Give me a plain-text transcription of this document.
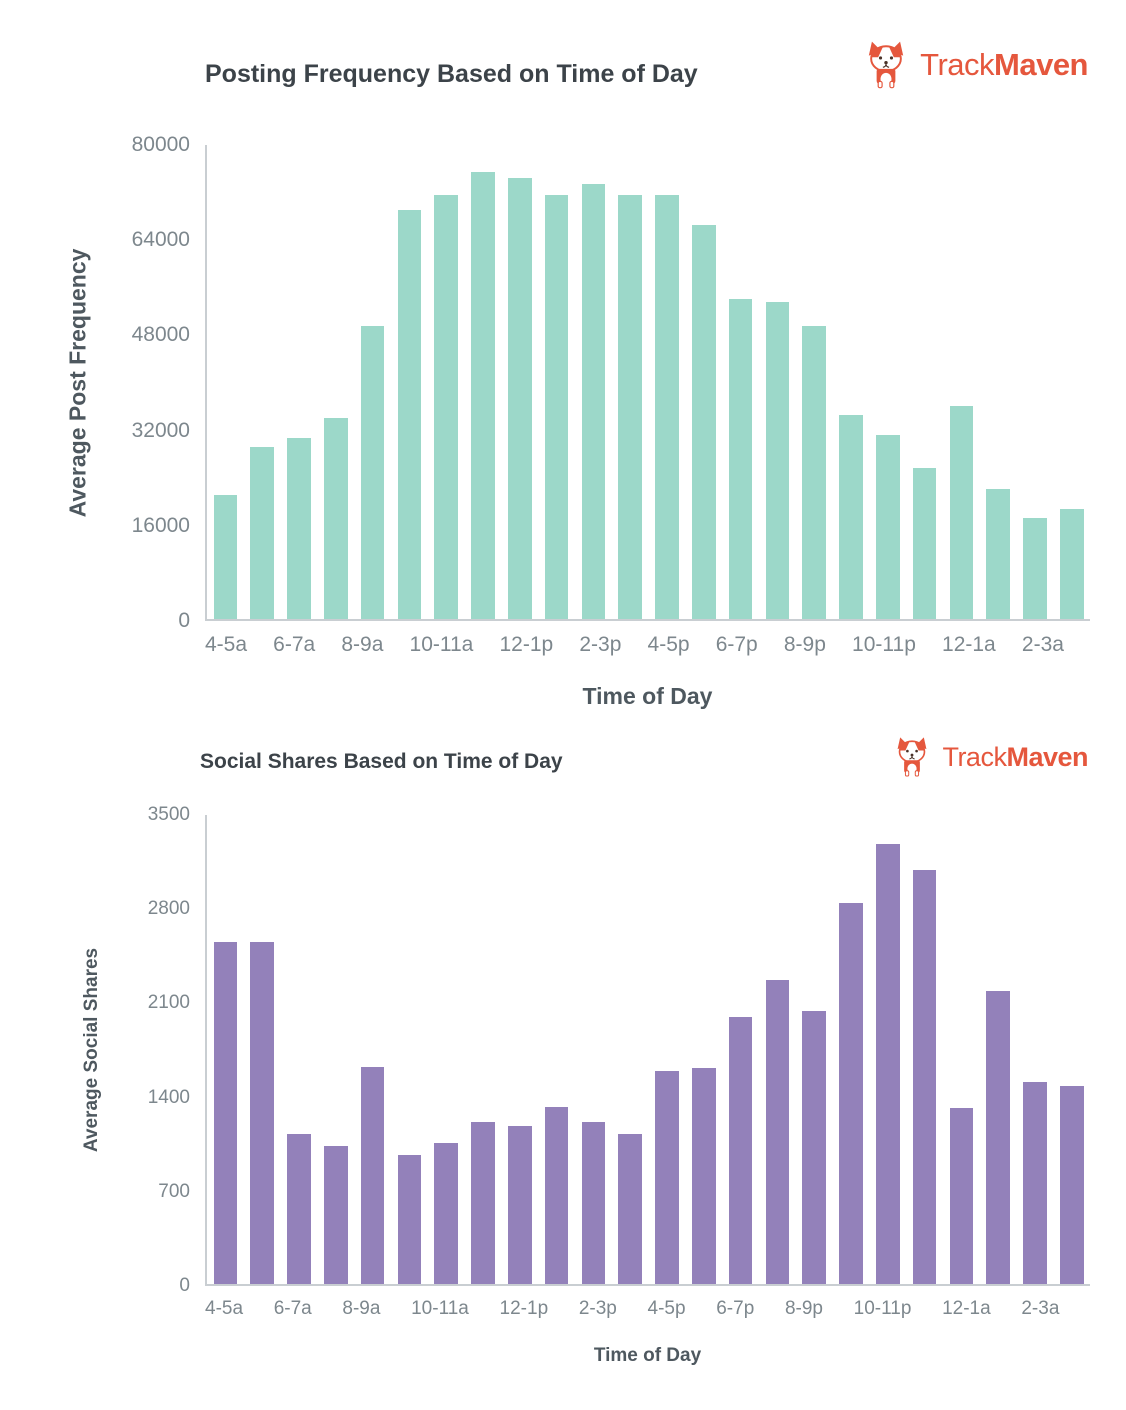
Posting Frequency Based on Time of Day	TrackMaven
Average Post Frequency
0
16000
32000
48000
64000
80000
4-5a 6-7a 8-9a 10-11a 12-1p 2-3p 4-5p 6-7p 8-9p 10-11p 12-1a 2-3a
Time of Day
Social Shares Based on Time of Day	TrackMaven
Average Social Shares
0
700
1400
2100
2800
3500
4-5a 6-7a 8-9a 10-11a 12-1p 2-3p 4-5p 6-7p 8-9p 10-11p 12-1a 2-3a
Time of Day
